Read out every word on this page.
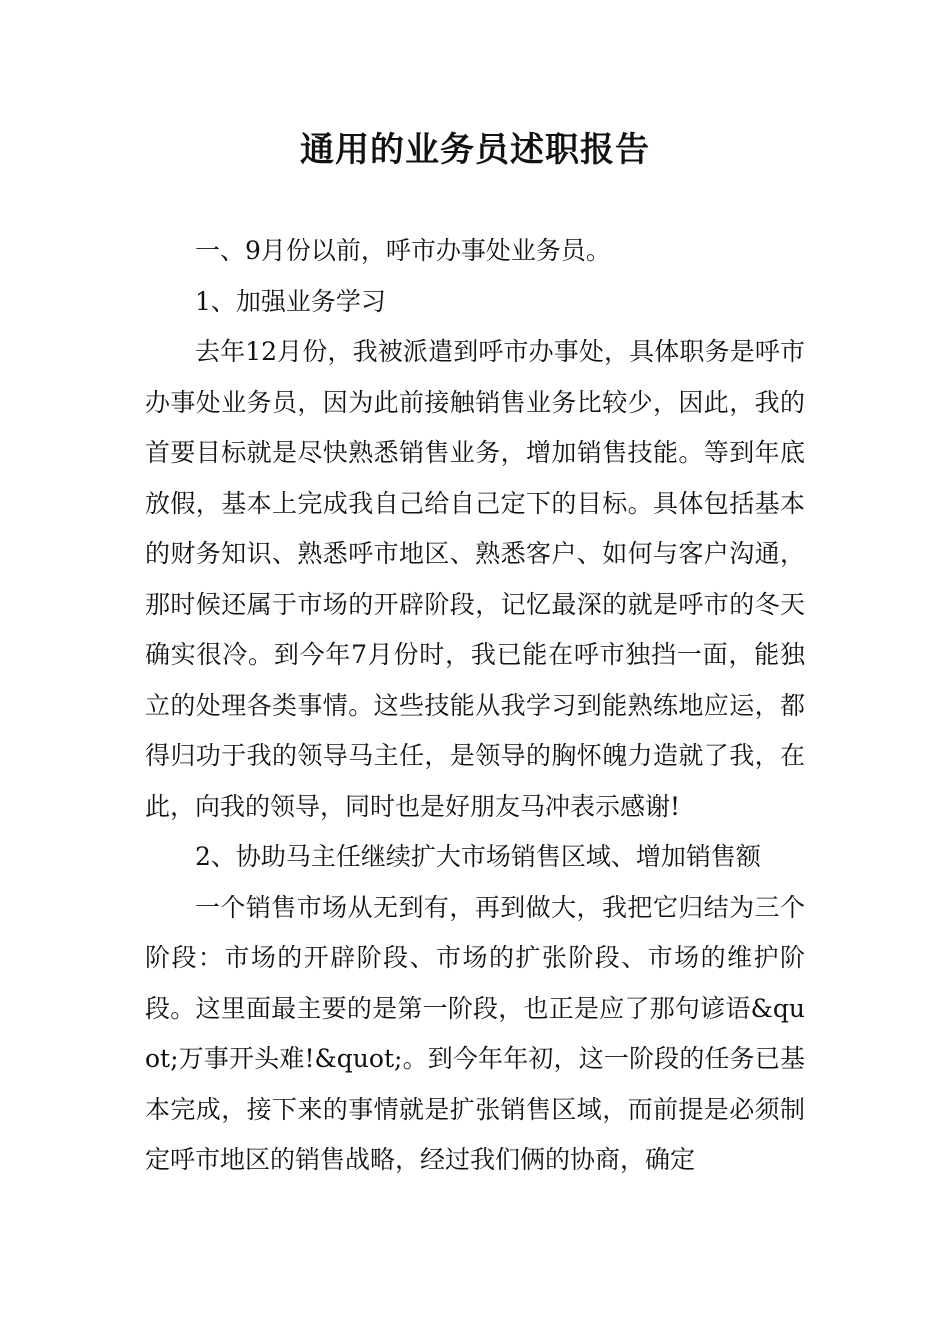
通用的业务员述职报告

一、9月份以前，呼市办事处业务员。

1、加强业务学习

去年12月份，我被派遣到呼市办事处，具体职务是呼市办事处业务员，因为此前接触销售业务比较少，因此，我的首要目标就是尽快熟悉销售业务，增加销售技能。等到年底放假，基本上完成我自己给自己定下的目标。具体包括基本的财务知识、熟悉呼市地区、熟悉客户、如何与客户沟通，那时候还属于市场的开辟阶段，记忆最深的就是呼市的冬天确实很冷。到今年7月份时，我已能在呼市独挡一面，能独立的处理各类事情。这些技能从我学习到能熟练地应运，都得归功于我的领导马主任，是领导的胸怀魄力造就了我，在此，向我的领导，同时也是好朋友马冲表示感谢!

2、协助马主任继续扩大市场销售区域、增加销售额

一个销售市场从无到有，再到做大，我把它归结为三个阶段：市场的开辟阶段、市场的扩张阶段、市场的维护阶段。这里面最主要的是第一阶段，也正是应了那句谚语&quot;万事开头难!&quot;。到今年年初，这一阶段的任务已基本完成，接下来的事情就是扩张销售区域，而前提是必须制定呼市地区的销售战略，经过我们俩的协商，确定
